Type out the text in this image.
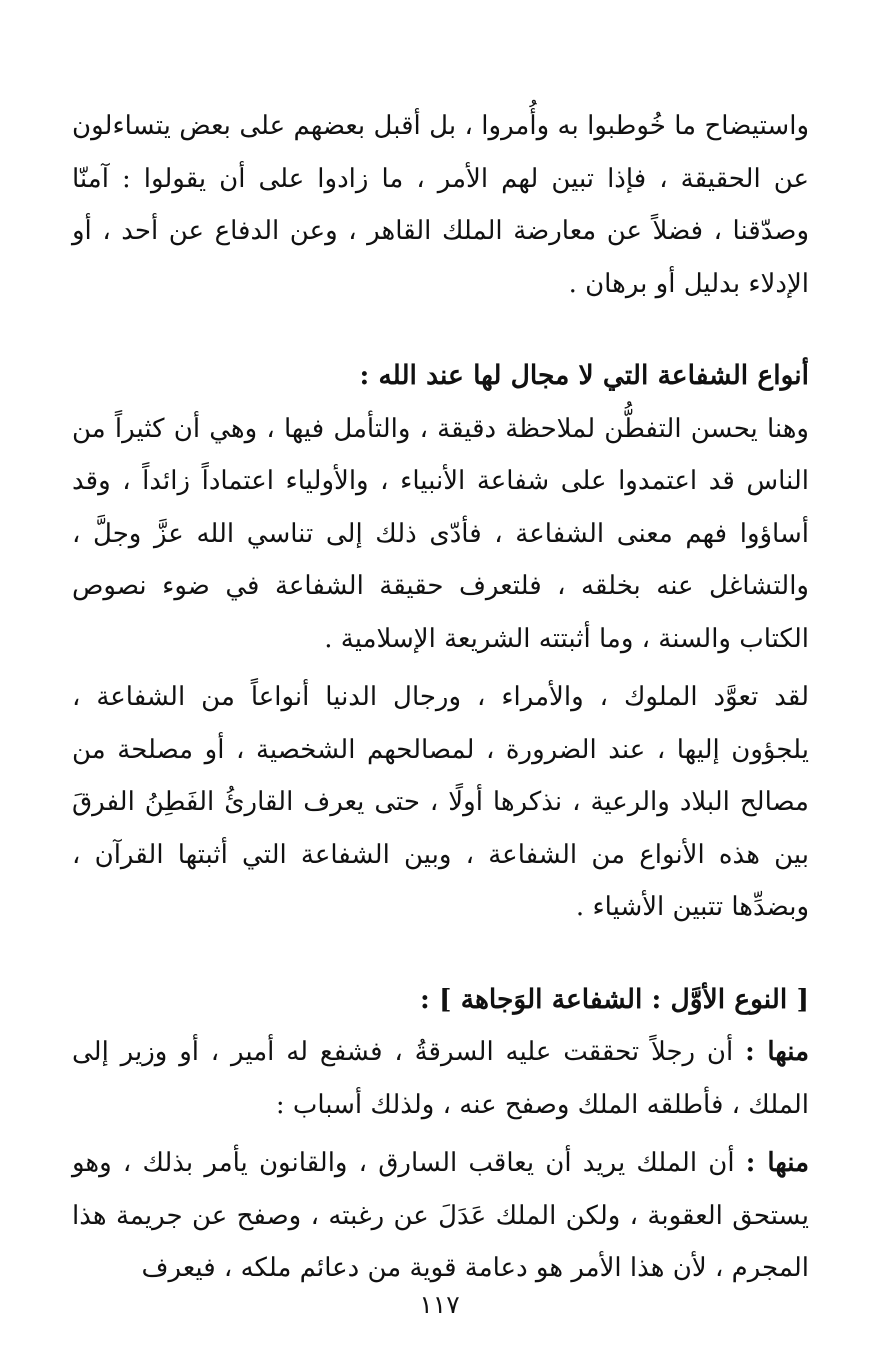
واستيضاح ما خُوطبوا به وأُمروا ، بل أقبل بعضهم على بعض يتساءلون عن الحقيقة ، فإذا تبين لهم الأمر ، ما زادوا على أن يقولوا : آمنّا وصدّقنا ، فضلاً عن معارضة الملك القاهر ، وعن الدفاع عن أحد ، أو الإدلاء بدليل أو برهان .

أنواع الشفاعة التي لا مجال لها عند الله :

وهنا يحسن التفطُّن لملاحظة دقيقة ، والتأمل فيها ، وهي أن كثيراً من الناس قد اعتمدوا على شفاعة الأنبياء ، والأولياء اعتماداً زائداً ، وقد أساؤوا فهم معنى الشفاعة ، فأدّى ذلك إلى تناسي الله عزَّ وجلَّ ، والتشاغل عنه بخلقه ، فلتعرف حقيقة الشفاعة في ضوء نصوص الكتاب والسنة ، وما أثبتته الشريعة الإسلامية .

لقد تعوَّد الملوك ، والأمراء ، ورجال الدنيا أنواعاً من الشفاعة ، يلجؤون إليها ، عند الضرورة ، لمصالحهم الشخصية ، أو مصلحة من مصالح البلاد والرعية ، نذكرها أولًا ، حتى يعرف القارئُ الفَطِنُ الفرقَ بين هذه الأنواع من الشفاعة ، وبين الشفاعة التي أثبتها القرآن ، وبضدِّها تتبين الأشياء .

[ النوع الأوَّل : الشفاعة الوَجاهة ] :

منها : أن رجلاً تحققت عليه السرقةُ ، فشفع له أمير ، أو وزير إلى الملك ، فأطلقه الملك وصفح عنه ، ولذلك أسباب :

منها : أن الملك يريد أن يعاقب السارق ، والقانون يأمر بذلك ، وهو يستحق العقوبة ، ولكن الملك عَدَلَ عن رغبته ، وصفح عن جريمة هذا المجرم ، لأن هذا الأمر هو دعامة قوية من دعائم ملكه ، فيعرف

١١٧
